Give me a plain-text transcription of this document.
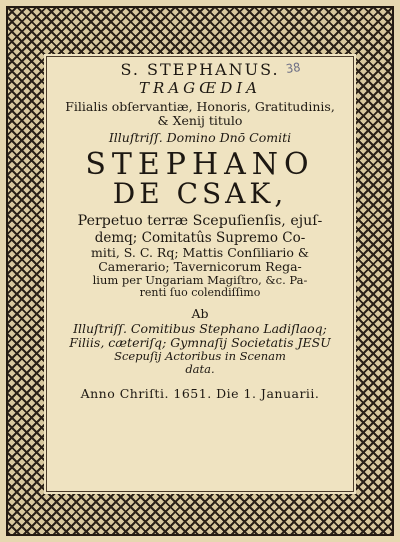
38
S. STEPHANUS.
TRAGŒDIA
Filialis obſervantiæ, Honoris, Gratitudinis,
& Xenij titulo
Illuſtriſſ. Domino Dnō Comiti
STEPHANO
DE CSAK,
Perpetuo terræ Scepuſienſis, ejuſ-
demq; Comitatûs Supremo Co-
miti, S. C. Rq; Mattis Conſiliario &
Camerario; Tavernicorum Rega-
lium per Ungariam Magiſtro, &c. Pa-
renti ſuo colendiſſimo
Ab
Illuſtriſſ. Comitibus Stephano Ladiſlaoq;
Filiis, cæteriſq; Gymnaſij Societatis JESU
Scepuſij Actoribus in Scenam
data.
Anno Chriſti. 1651. Die 1. Januarii.
